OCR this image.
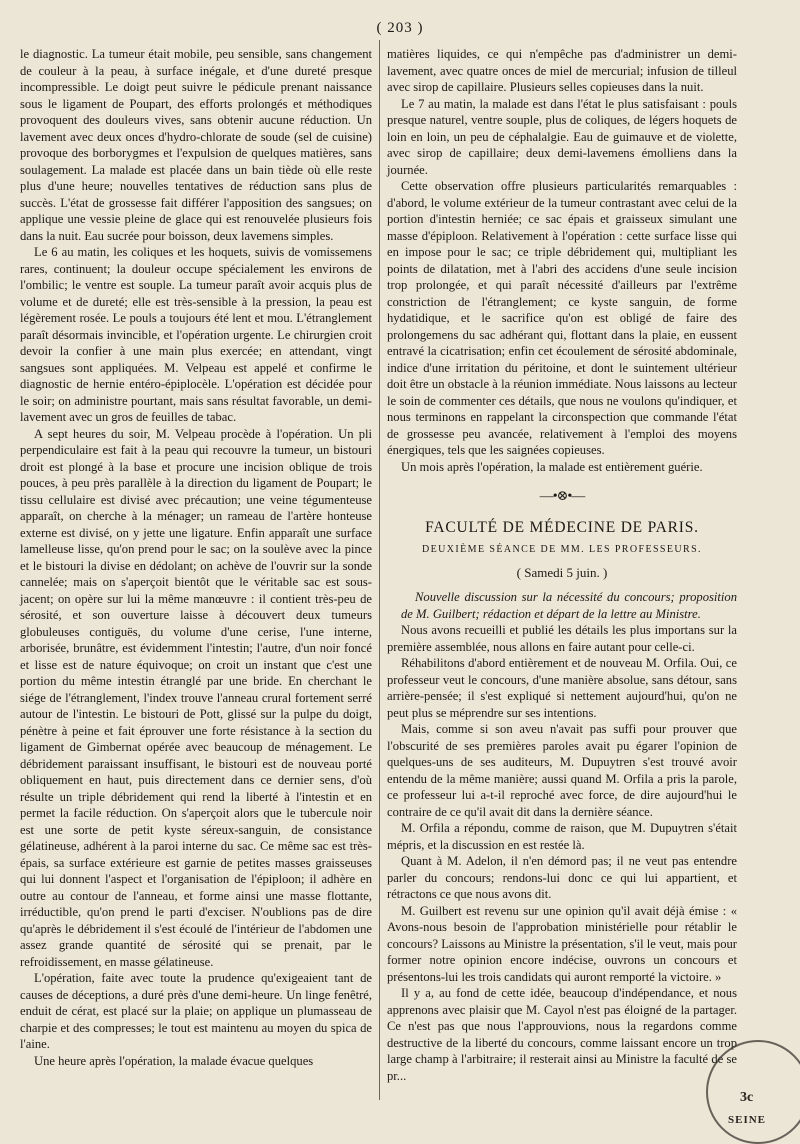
( 203 )

le diagnostic. La tumeur était mobile, peu sensible, sans changement de couleur à la peau, à surface inégale, et d'une dureté presque incompressible. Le doigt peut suivre le pédicule prenant naissance sous le ligament de Poupart, des efforts prolongés et méthodiques provoquent des douleurs vives, sans obtenir aucune réduction. Un lavement avec deux onces d'hydro-chlorate de soude (sel de cuisine) provoque des borborygmes et l'expulsion de quelques matières, sans soulagement. La malade est placée dans un bain tiède où elle reste plus d'une heure; nouvelles tentatives de réduction sans plus de succès. L'état de grossesse fait différer l'apposition des sangsues; on applique une vessie pleine de glace qui est renouvelée plusieurs fois dans la nuit. Eau sucrée pour boisson, deux lavemens simples.

Le 6 au matin, les coliques et les hoquets, suivis de vomissemens rares, continuent; la douleur occupe spécialement les environs de l'ombilic; le ventre est souple. La tumeur paraît avoir acquis plus de volume et de dureté; elle est très-sensible à la pression, la peau est légèrement rosée. Le pouls a toujours été lent et mou. L'étranglement paraît désormais invincible, et l'opération urgente. Le chirurgien croit devoir la confier à une main plus exercée; en attendant, vingt sangsues sont appliquées. M. Velpeau est appelé et confirme le diagnostic de hernie entéro-épiplocèle. L'opération est décidée pour le soir; on administre pourtant, mais sans résultat favorable, un demi-lavement avec un gros de feuilles de tabac.

A sept heures du soir, M. Velpeau procède à l'opération. Un pli perpendiculaire est fait à la peau qui recouvre la tumeur, un bistouri droit est plongé à la base et procure une incision oblique de trois pouces, à peu près parallèle à la direction du ligament de Poupart; le tissu cellulaire est divisé avec précaution; une veine tégumenteuse apparaît, on cherche à la ménager; un rameau de l'artère honteuse externe est divisé, on y jette une ligature. Enfin apparaît une surface lamelleuse lisse, qu'on prend pour le sac; on la soulève avec la pince et le bistouri la divise en dédolant; on achève de l'ouvrir sur la sonde cannelée; mais on s'aperçoit bientôt que le véritable sac est sous-jacent; on opère sur lui la même manœuvre : il contient très-peu de sérosité, et son ouverture laisse à découvert deux tumeurs globuleuses contiguës, du volume d'une cerise, l'une interne, arborisée, brunâtre, est évidemment l'intestin; l'autre, d'un noir foncé et lisse est de nature équivoque; on croit un instant que c'est une portion du même intestin étranglé par une bride. En cherchant le siége de l'étranglement, l'index trouve l'anneau crural fortement serré autour de l'intestin. Le bistouri de Pott, glissé sur la pulpe du doigt, pénètre à peine et fait éprouver une forte résistance à la section du ligament de Gimbernat opérée avec beaucoup de ménagement. Le débridement paraissant insuffisant, le bistouri est de nouveau porté obliquement en haut, puis directement dans ce dernier sens, d'où résulte un triple débridement qui rend la liberté à l'intestin et en permet la facile réduction. On s'aperçoit alors que le tubercule noir est une sorte de petit kyste séreux-sanguin, de consistance gélatineuse, adhérent à la paroi interne du sac. Ce même sac est très-épais, sa surface extérieure est garnie de petites masses graisseuses qui lui donnent l'aspect et l'organisation de l'épiploon; il adhère en outre au contour de l'anneau, et forme ainsi une masse flottante, irréductible, qu'on prend le parti d'exciser. N'oublions pas de dire qu'après le débridement il s'est écoulé de l'intérieur de l'abdomen une assez grande quantité de sérosité qui se prenait, par le refroidissement, en masse gélatineuse.

L'opération, faite avec toute la prudence qu'exigeaient tant de causes de déceptions, a duré près d'une demi-heure. Un linge fenêtré, enduit de cérat, est placé sur la plaie; on applique un plumasseau de charpie et des compresses; le tout est maintenu au moyen du spica de l'aine.

Une heure après l'opération, la malade évacue quelques

matières liquides, ce qui n'empêche pas d'administrer un demi-lavement, avec quatre onces de miel de mercurial; infusion de tilleul avec sirop de capillaire. Plusieurs selles copieuses dans la nuit.

Le 7 au matin, la malade est dans l'état le plus satisfaisant : pouls presque naturel, ventre souple, plus de coliques, de légers hoquets de loin en loin, un peu de céphalalgie. Eau de guimauve et de violette, avec sirop de capillaire; deux demi-lavemens émolliens dans la journée.

Cette observation offre plusieurs particularités remarquables : d'abord, le volume extérieur de la tumeur contrastant avec celui de la portion d'intestin herniée; ce sac épais et graisseux simulant une masse d'épiploon. Relativement à l'opération : cette surface lisse qui en impose pour le sac; ce triple débridement qui, multipliant les points de dilatation, met à l'abri des accidens d'une seule incision trop prolongée, et qui paraît nécessité d'ailleurs par l'extrême constriction de l'étranglement; ce kyste sanguin, de forme hydatidique, et le sacrifice qu'on est obligé de faire des prolongemens du sac adhérant qui, flottant dans la plaie, en eussent entravé la cicatrisation; enfin cet écoulement de sérosité abdominale, indice d'une irritation du péritoine, et dont le suintement ultérieur doit être un obstacle à la réunion immédiate. Nous laissons au lecteur le soin de commenter ces détails, que nous ne voulons qu'indiquer, et nous terminons en rappelant la circonspection que commande l'état de grossesse peu avancée, relativement à l'emploi des moyens énergiques, tels que les saignées copieuses.

Un mois après l'opération, la malade est entièrement guérie.

—•⊗•—
FACULTÉ DE MÉDECINE DE PARIS.
DEUXIÈME SÉANCE DE MM. LES PROFESSEURS.
( Samedi 5 juin. )

Nouvelle discussion sur la nécessité du concours; proposition de M. Guilbert; rédaction et départ de la lettre au Ministre.

Nous avons recueilli et publié les détails les plus importans sur la première assemblée, nous allons en faire autant pour celle-ci.

Réhabilitons d'abord entièrement et de nouveau M. Orfila. Oui, ce professeur veut le concours, d'une manière absolue, sans détour, sans arrière-pensée; il s'est expliqué si nettement aujourd'hui, qu'on ne peut plus se méprendre sur ses intentions.

Mais, comme si son aveu n'avait pas suffi pour prouver que l'obscurité de ses premières paroles avait pu égarer l'opinion de quelques-uns de ses auditeurs, M. Dupuytren s'est trouvé avoir entendu de la même manière; aussi quand M. Orfila a pris la parole, ce professeur lui a-t-il reproché avec force, de dire aujourd'hui le contraire de ce qu'il avait dit dans la dernière séance.

M. Orfila a répondu, comme de raison, que M. Dupuytren s'était mépris, et la discussion en est restée là.

Quant à M. Adelon, il n'en démord pas; il ne veut pas entendre parler du concours; rendons-lui donc ce qui lui appartient, et rétractons ce que nous avons dit.

M. Guilbert est revenu sur une opinion qu'il avait déjà émise : « Avons-nous besoin de l'approbation ministérielle pour rétablir le concours? Laissons au Ministre la présentation, s'il le veut, mais pour former notre opinion encore indécise, ouvrons un concours et présentons-lui les trois candidats qui auront remporté la victoire. »

Il y a, au fond de cette idée, beaucoup d'indépendance, et nous apprenons avec plaisir que M. Cayol n'est pas éloigné de la partager. Ce n'est pas que nous l'approuvions, nous la regardons comme destructive de la liberté du concours, comme laissant encore un trop large champ à l'arbitraire; il resterait ainsi au Ministre la faculté de se pr...

3c
SEINE
